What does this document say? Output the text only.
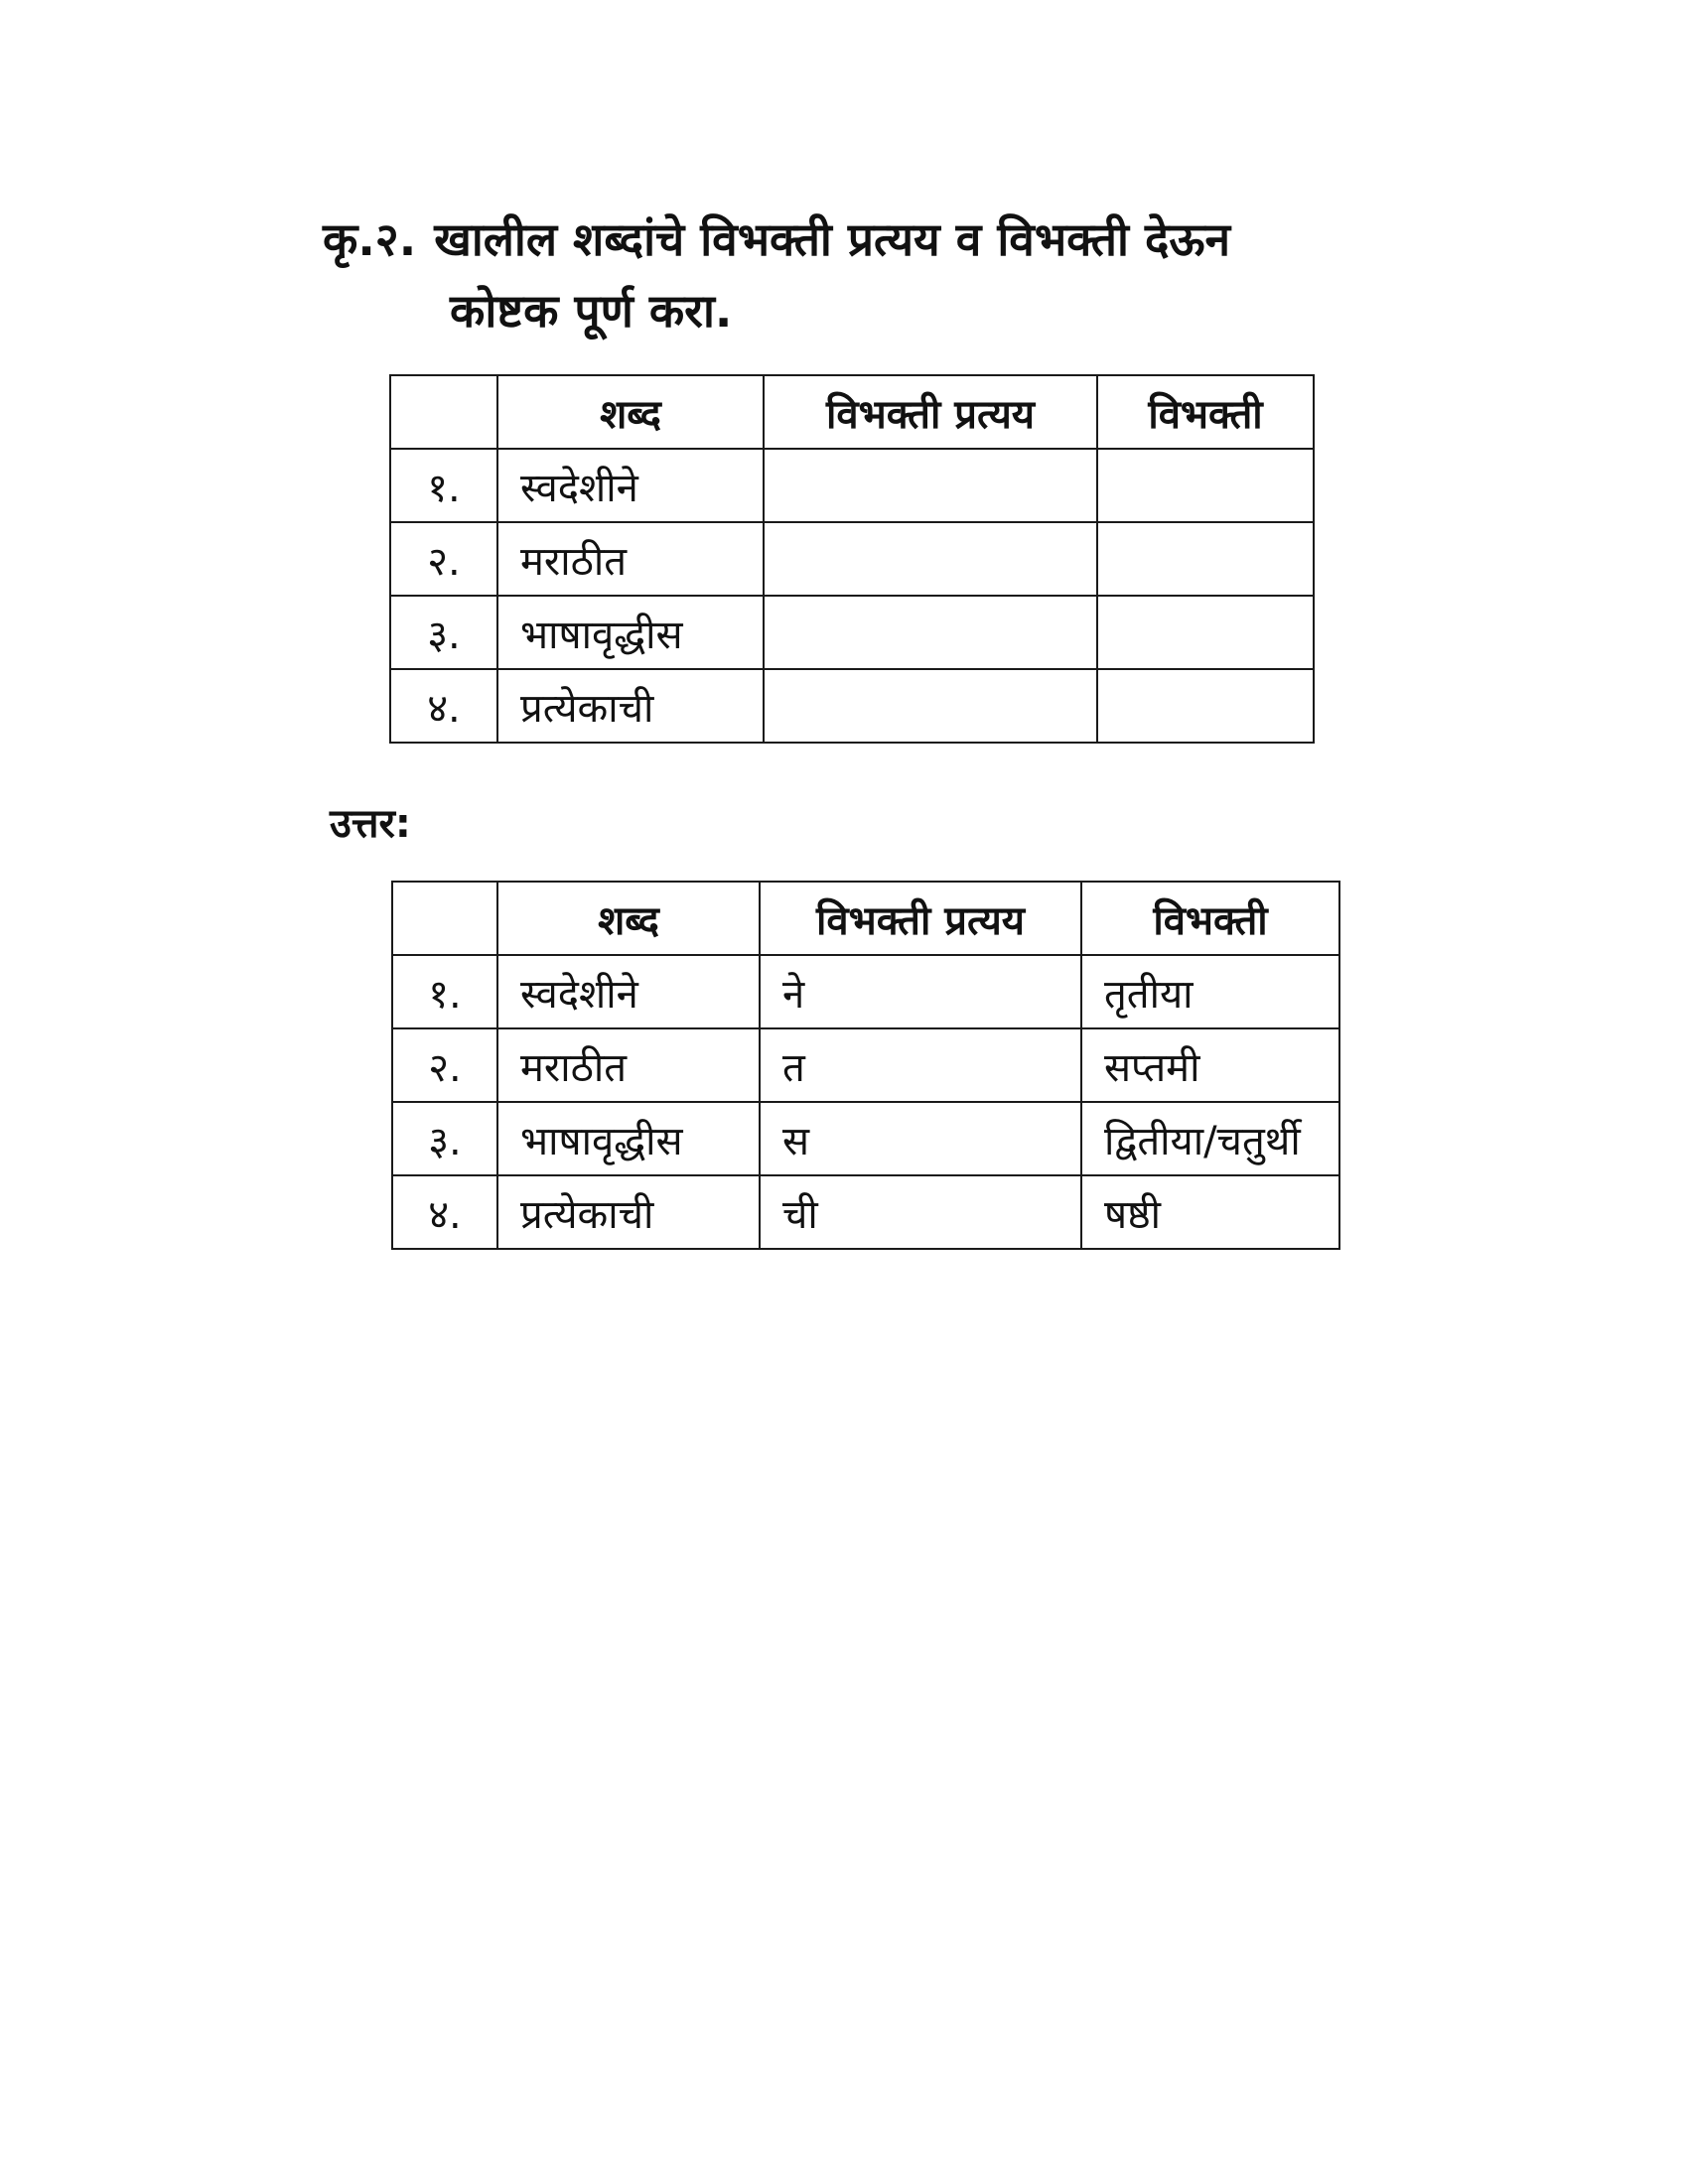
कृ.२. खालील शब्दांचे विभक्ती प्रत्यय व विभक्ती देऊन
कोष्टक पूर्ण करा.
	शब्द	विभक्ती प्रत्यय	विभक्ती
१.	स्वदेशीने		
२.	मराठीत		
३.	भाषावृद्धीस		
४.	प्रत्येकाची		
उत्तर:
	शब्द	विभक्ती प्रत्यय	विभक्ती
१.	स्वदेशीने	ने	तृतीया
२.	मराठीत	त	सप्तमी
३.	भाषावृद्धीस	स	द्वितीया/चतुर्थी
४.	प्रत्येकाची	ची	षष्ठी
